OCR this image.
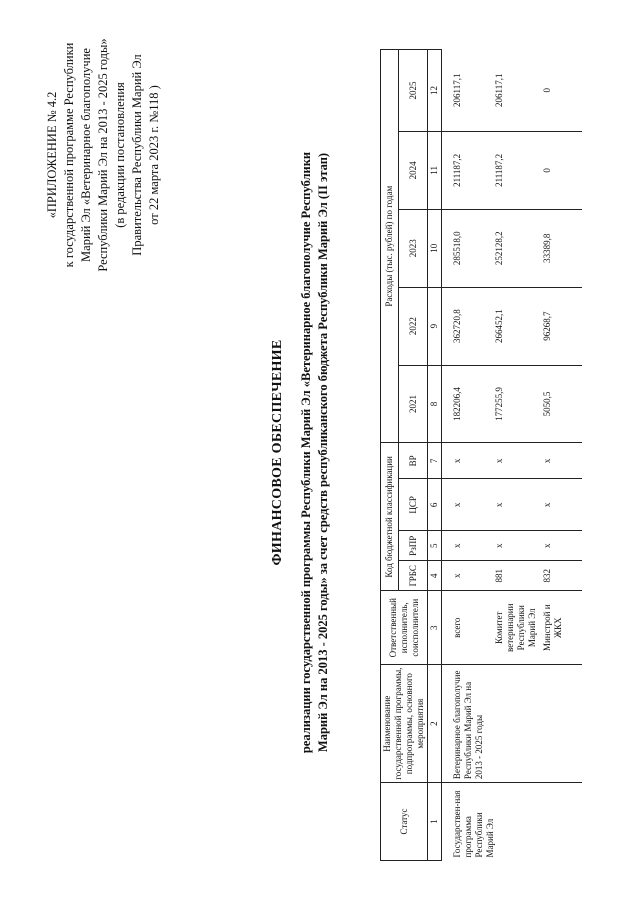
«ПРИЛОЖЕНИЕ № 4.2 к государственной программе Республики Марий Эл «Ветеринарное благополучие Республики Марий Эл на 2013 - 2025 годы» (в редакции постановления Правительства Республики Марий Эл от 22 марта 2023 г. №118 )
ФИНАНСОВОЕ ОБЕСПЕЧЕНИЕ реализации государственной программы Республики Марий Эл «Ветеринарное благополучие Республики Марий Эл на 2013 - 2025 годы» за счет средств республиканского бюджета Республики Марий Эл (II этап)
Статус	Наименование государственной программы, подпрограммы, основного мероприятия	Ответственный исполнитель, соисполнители	Код бюджетной классификации				Расходы (тыс. рублей) по годам				
			ГРБС	РзПР	ЦСР	ВР	2021	2022	2023	2024	2025
1	2	3	4	5	6	7	8	9	10	11	12
Государствен-ная программа Республики Марий Эл	Ветеринарное благополучие Республики Марий Эл на 2013 - 2025 годы	всего	x	x	x	x	182206,4	362720,8	285518,0	211187,2	206117,1
		Комитет ветеринарии Республики Марий Эл	881	x	x	x	177255,9	266452,1	252128,2	211187,2	206117,1
		Минстрой и ЖКХ	832	x	x	x	5050,5	96268,7	33389,8	0	0
